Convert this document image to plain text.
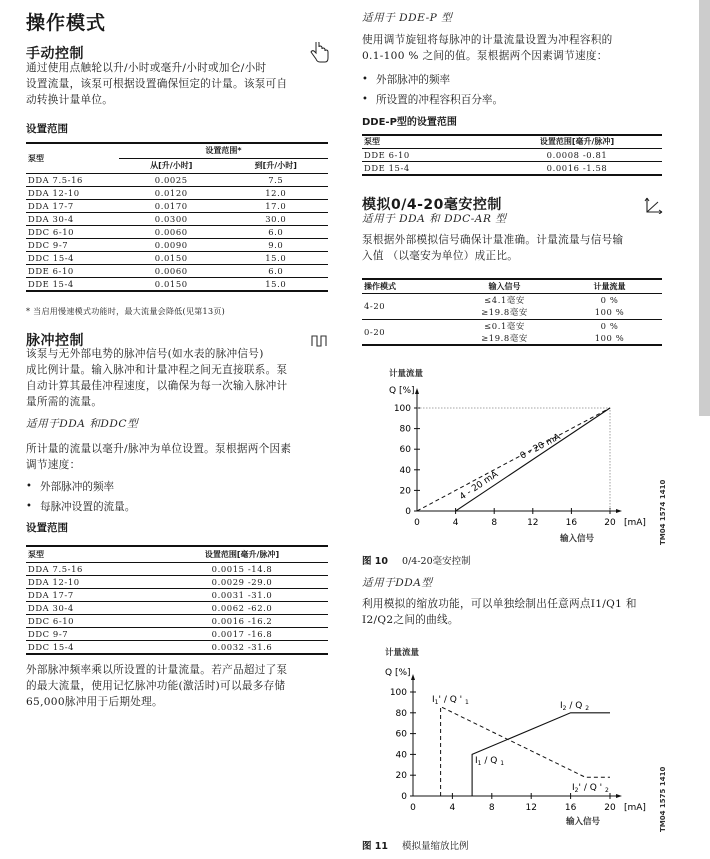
操作模式
手动控制
通过使用点触轮以升/小时或毫升/小时或加仑/小时
设置流量，该泵可根据设置确保恒定的计量。该泵可自
动转换计量单位。
设置范围
泵型	设置范围*	
	从[升/小时]	到[升/小时]
DDA 7.5-16	0.0025	7.5
DDA 12-10	0.0120	12.0
DDA 17-7	0.0170	17.0
DDA 30-4	0.0300	30.0
DDC 6-10	0.0060	6.0
DDC 9-7	0.0090	9.0
DDC 15-4	0.0150	15.0
DDE 6-10	0.0060	6.0
DDE 15-4	0.0150	15.0
* 当启用慢速模式功能时，最大流量会降低(见第13页)
脉冲控制
该泵与无外部电势的脉冲信号(如水表的脉冲信号)
成比例计量。输入脉冲和计量冲程之间无直接联系。泵
自动计算其最佳冲程速度，以确保为每一次输入脉冲计
量所需的流量。
适用于DDA 和DDC型
所计量的流量以毫升/脉冲为单位设置。泵根据两个因素
调节速度：
• 外部脉冲的频率
• 每脉冲设置的流量。
设置范围
泵型	设置范围[毫升/脉冲]
DDA 7.5-16	0.0015 -14.8
DDA 12-10	0.0029 -29.0
DDA 17-7	0.0031 -31.0
DDA 30-4	0.0062 -62.0
DDC 6-10	0.0016 -16.2
DDC 9-7	0.0017 -16.8
DDC 15-4	0.0032 -31.6
外部脉冲频率乘以所设置的计量流量。若产品超过了泵
的最大流量，使用记忆脉冲功能(激活时)可以最多存储
65,000脉冲用于后期处理。
适用于 DDE-P 型
使用调节旋钮将每脉冲的计量流量设置为冲程容积的
0.1-100 % 之间的值。泵根据两个因素调节速度：
• 外部脉冲的频率
• 所设置的冲程容积百分率。
DDE-P型的设置范围
泵型	设置范围[毫升/脉冲]
DDE 6-10	0.0008 -0.81
DDE 15-4	0.0016 -1.58
模拟0/4-20毫安控制
适用于 DDA 和 DDC-AR 型
泵根据外部模拟信号确保计量准确。计量流量与信号输
入值 （以毫安为单位）成正比。
操作模式	输入信号	计量流量
4-20	≤4.1毫安	0 %
	≥19.8毫安	100 %
0-20	≤0.1毫安	0 %
	≥19.8毫安	100 %
计量流量
Q [%]
0
20
40
60
80
100
0	4	8	12	16	20 [mA]
0 - 20 mA
4 - 20 mA
输入信号	TM04 1574 1410
图 10 0/4-20毫安控制
适用于DDA型
利用模拟的缩放功能，可以单独绘制出任意两点I1/Q1 和
I2/Q2之间的曲线。
计量流量
Q [%]
0
20
40
60
80
100
0	4	8	12	16	20 [mA]
$I_1'$ / Q ' $_1$	$I_2$ / Q $_2$
$I_1$ / Q $_1$
$I_2'$ / Q ' $_2$
输入信号	TM04 1575 1410
图 11 模拟量缩放比例
